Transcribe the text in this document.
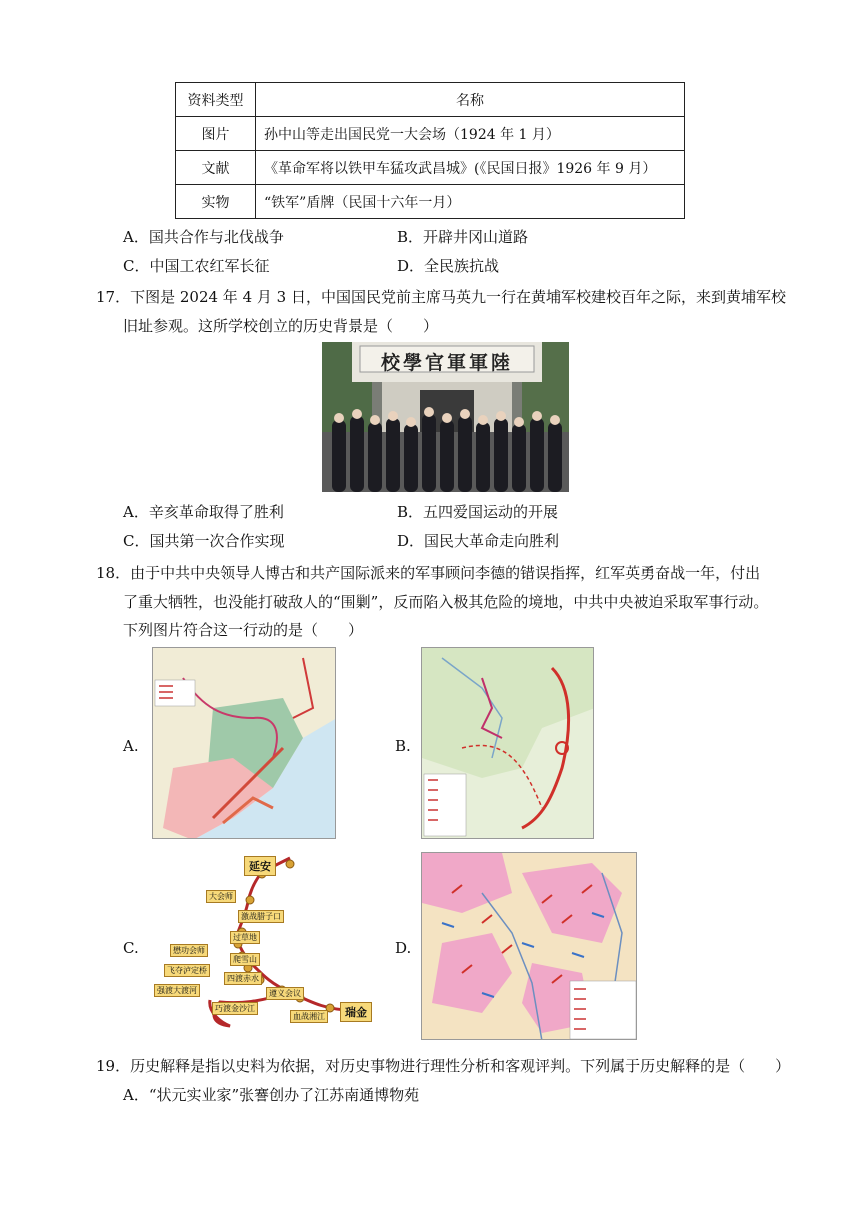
资料类型	名称
图片	孙中山等走出国民党一大会场（1924 年 1 月）
文献	《革命军将以铁甲车猛攻武昌城》(《民国日报》1926 年 9 月）
实物	“铁军”盾牌（民国十六年一月）
A．国共合作与北伐战争	B．开辟井冈山道路
C．中国工农红军长征	D．全民族抗战
17．下图是 2024 年 4 月 3 日，中国国民党前主席马英九一行在黄埔军校建校百年之际，来到黄埔军校
旧址参观。这所学校创立的历史背景是（　　）
校學官軍軍陸
A．辛亥革命取得了胜利	B．五四爱国运动的开展
C．国共第一次合作实现	D．国民大革命走向胜利
18．由于中共中央领导人博古和共产国际派来的军事顾问李德的错误指挥，红军英勇奋战一年，付出
了重大牺牲，也没能打破敌人的“围剿”，反而陷入极其危险的境地，中共中央被迫采取军事行动。
下列图片符合这一行动的是（　　）
A.	B.
C.	D.
延安
大会师
激战腊子口
过草地
懋功会师
爬雪山
飞夺泸定桥
四渡赤水
强渡大渡河	遵义会议
巧渡金沙江
血战湘江	瑞金
19．历史解释是指以史料为依据，对历史事物进行理性分析和客观评判。下列属于历史解释的是（　　）
A．“状元实业家”张謇创办了江苏南通博物苑
